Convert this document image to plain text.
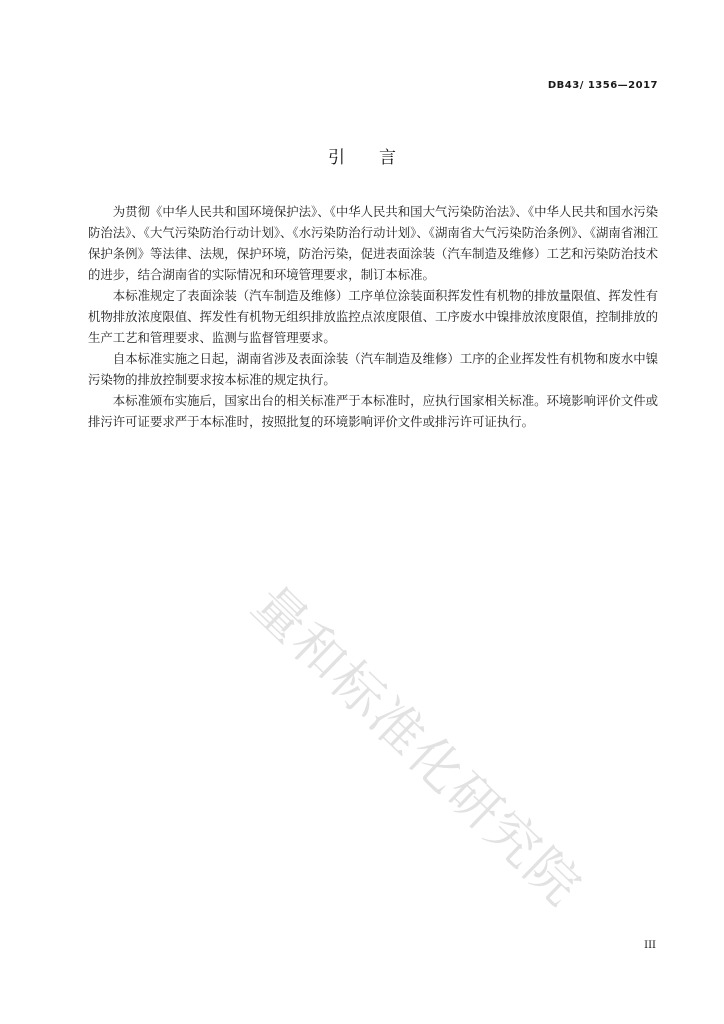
DB43/ 1356—2017
引言

为贯彻《中华人民共和国环境保护法》、《中华人民共和国大气污染防治法》、《中华人民共和国水污染防治法》、《大气污染防治行动计划》、《水污染防治行动计划》、《湖南省大气污染防治条例》、《湖南省湘江保护条例》等法律、法规，保护环境，防治污染，促进表面涂装（汽车制造及维修）工艺和污染防治技术的进步，结合湖南省的实际情况和环境管理要求，制订本标准。

本标准规定了表面涂装（汽车制造及维修）工序单位涂装面积挥发性有机物的排放量限值、挥发性有机物排放浓度限值、挥发性有机物无组织排放监控点浓度限值、工序废水中镍排放浓度限值，控制排放的生产工艺和管理要求、监测与监督管理要求。

自本标准实施之日起，湖南省涉及表面涂装（汽车制造及维修）工序的企业挥发性有机物和废水中镍污染物的排放控制要求按本标准的规定执行。

本标准颁布实施后，国家出台的相关标准严于本标准时，应执行国家相关标准。环境影响评价文件或排污许可证要求严于本标准时，按照批复的环境影响评价文件或排污许可证执行。

量和标准化研究院
III
